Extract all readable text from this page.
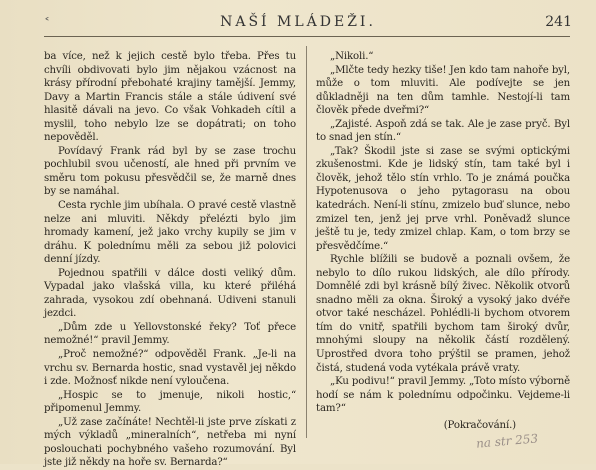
˂	NAŠÍ MLÁDEŽI.	241

ba více, než k jejich cestě bylo třeba. Přes tu chvíli obdivovati bylo jim nějakou vzácnost na krásy přírodní přebohaté krajiny tamější. Jemmy, Davy a Martin Francis stále a stále údivení své hlasitě dávali na jevo. Co však Vohkadeh cítil a myslil, toho nebylo lze se dopátrati; on toho nepověděl.

Povídavý Frank rád byl by se zase trochu pochlubil svou učeností, ale hned při prvním ve směru tom pokusu přesvědčil se, že marně dnes by se namáhal.

Cesta rychle jim ubíhala. O pravé cestě vlastně nelze ani mluviti. Někdy přelézti bylo jim hromady kamení, jež jako vrchy kupily se jim v dráhu. K polednímu měli za sebou již polovici denní jízdy.

Pojednou spatřili v dálce dosti veliký dům. Vypadal jako vlašská villa, ku které přiléhá zahrada, vysokou zdí obehnaná. Udiveni stanuli jezdci.

„Dům zde u Yellovstonské řeky? Toť přece nemožné!“ pravil Jemmy.

„Proč nemožné?“ odpověděl Frank. „Je-li na vrchu sv. Bernarda hostic, snad vystavěl jej někdo i zde. Možnosť nikde není vyloučena.

„Hospic se to jmenuje, nikoli hostic,“ připomenul Jemmy.

„Už zase začínáte! Nechtěl-li jste prve získati z mých výkladů „mineralních“, netřeba mi nyní poslouchati pochybného vašeho rozumování. Byl jste již někdy na hoře sv. Bernarda?“

„Nikoli.“

„Mlčte tedy hezky tiše! Jen kdo tam nahoře byl, může o tom mluviti. Ale podívejte se jen důkladněji na ten dům tamhle. Nestojí-li tam člověk přede dveřmi?“

„Zajisté. Aspoň zdá se tak. Ale je zase pryč. Byl to snad jen stín.“

„Tak? Škodil jste si zase se svými optickými zkušenostmi. Kde je lidský stín, tam také byl i člověk, jehož tělo stín vrhlo. To je známá poučka Hypotenusova o jeho pytagorasu na obou katedrách. Není-li stínu, zmizelo buď slunce, nebo zmizel ten, jenž jej prve vrhl. Poněvadž slunce ještě tu je, tedy zmizel chlap. Kam, o tom brzy se přesvědčíme.“

Rychle blížili se budově a poznali ovšem, že nebylo to dílo rukou lidských, ale dílo přírody. Domnělé zdi byl krásně bílý živec. Několik otvorů snadno měli za okna. Široký a vysoký jako dvéře otvor také nescházel. Pohlédli-li bychom otvorem tím do vnitř, spatřili bychom tam široký dvůr, mnohými sloupy na několik částí rozdělený. Uprostřed dvora toho prýštil se pramen, jehož čistá, studená voda vytékala právě vraty.

„Ku podivu!“ pravil Jemmy. „Toto místo výborně hodí se nám k polednímu odpočinku. Vejdeme-li tam?“

(Pokračování.)

na str 253
